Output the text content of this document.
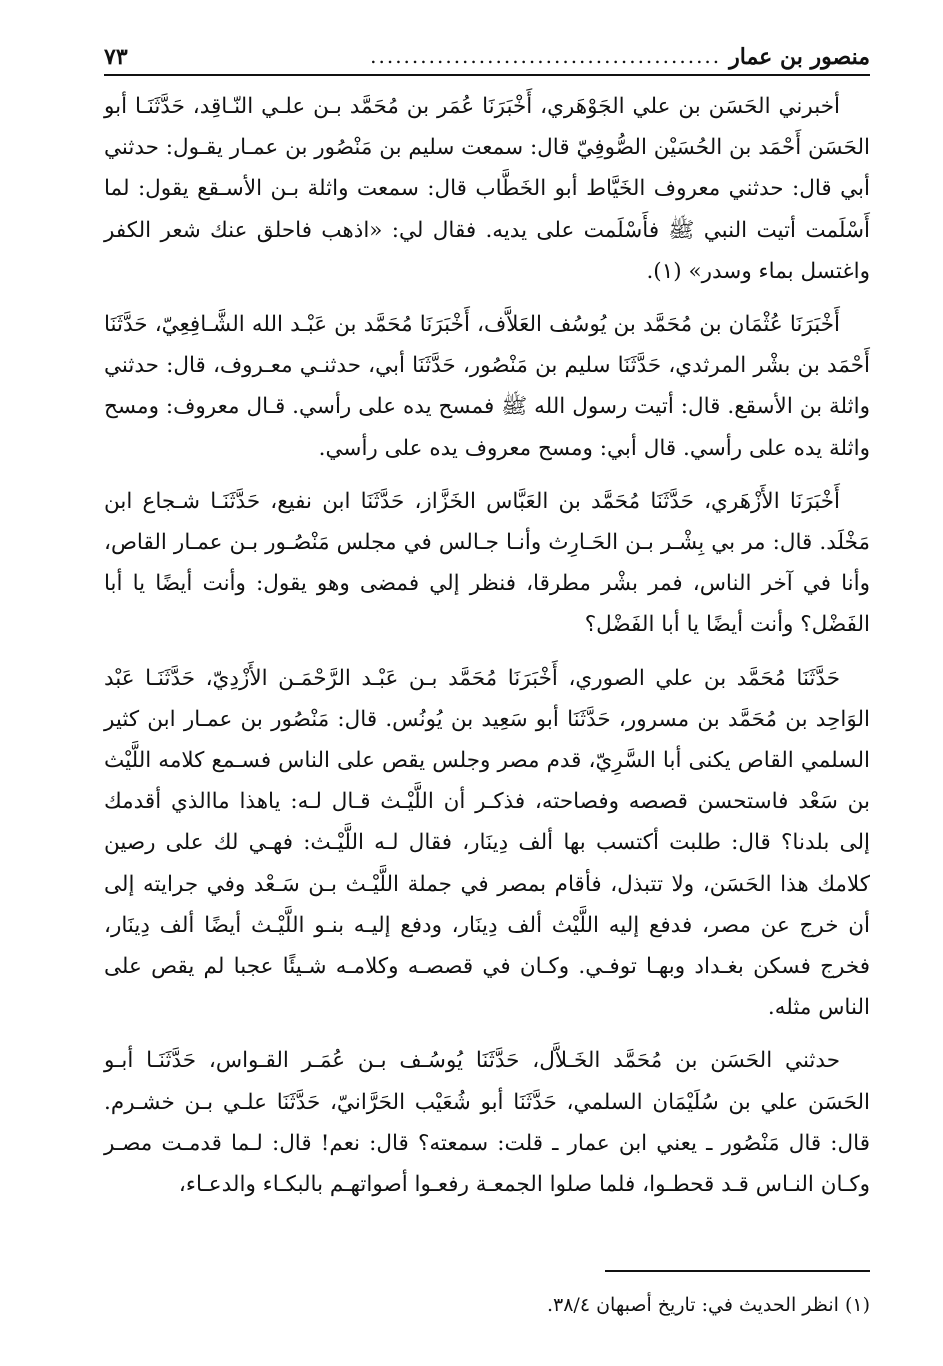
منصور بن عمار
..........................................
٧٣

أخبرني الحَسَن بن علي الجَوْهَري، أَخْبَرَنَا عُمَر بن مُحَمَّد بـن علـي النّـاقِد، حَدَّثَنَـا أبو الحَسَن أَحْمَد بن الحُسَيْن الصُّوفِيّ قال: سمعت سليم بن مَنْصُور بن عمـار يقـول: حدثني أبي قال: حدثني معروف الخَيَّاط أبو الخَطَّاب قال: سمعت واثلة بـن الأسـقع يقول: لما أَسْلَمت أتيت النبي ﷺ فأَسْلَمت على يديه. فقال لي: «اذهب فاحلق عنك شعر الكفر واغتسل بماء وسدر» (١).

أَخْبَرَنَا عُثْمَان بن مُحَمَّد بن يُوسُف العَلاَّف، أَخْبَرَنَا مُحَمَّد بن عَبْـد الله الشَّـافِعِيّ، حَدَّثَنَا أَحْمَد بن بشْر المرثدي، حَدَّثَنَا سليم بن مَنْصُور، حَدَّثَنَا أبي، حدثنـي معـروف، قال: حدثني واثلة بن الأسقع. قال: أتيت رسول الله ﷺ فمسح يده على رأسي. قـال معروف: ومسح واثلة يده على رأسي. قال أبي: ومسح معروف يده على رأسي.

أَخْبَرَنَا الأَزْهَري، حَدَّثَنَا مُحَمَّد بن العَبَّاس الخَزَّاز، حَدَّثَنَا ابن نفيع، حَدَّثَنَـا شـجاع ابن مَخْلَد. قال: مر بي بِشْـر بـن الحَـارِث وأنـا جـالس في مجلس مَنْصُـور بـن عمـار القاص، وأنا في آخر الناس، فمر بشْر مطرقا، فنظر إلي فمضى وهو يقول: وأنت أيضًا يا أبا الفَضْل؟ وأنت أيضًا يا أبا الفَضْل؟

حَدَّثَنَا مُحَمَّد بن علي الصوري، أَخْبَرَنَا مُحَمَّد بـن عَبْـد الرَّحْمَـن الأَزْدِيّ، حَدَّثَنَـا عَبْد الوَاحِد بن مُحَمَّد بن مسرور، حَدَّثَنَا أبو سَعِيد بن يُونُس. قال: مَنْصُور بن عمـار ابن كثير السلمي القاص يكنى أبا السَّرِيّ، قدم مصر وجلس يقص على الناس فسـمع كلامه اللَّيْث بن سَعْد فاستحسن قصصه وفصاحته، فذكـر أن اللَّيْـث قـال لـه: ياهذا ماالذي أقدمك إلى بلدنا؟ قال: طلبت أكتسب بها ألف دِينَار، فقال لـه اللَّيْـث: فهـي لك على رصين كلامك هذا الحَسَن، ولا تتبذل، فأقام بمصر في جملة اللَّيْـث بـن سَـعْد وفي جرايته إلى أن خرج عن مصر، فدفع إليه اللَّيْث ألف دِينَار، ودفع إليـه بنـو اللَّيْـث أيضًا ألف دِينَار، فخرج فسكن بغـداد وبهـا توفـي. وكـان في قصصـه وكلامـه شـيئًا عجبا لم يقص على الناس مثله.

حدثني الحَسَن بن مُحَمَّد الخَـلاَّل، حَدَّثَنَا يُوسُـف بـن عُمَـر القـواس، حَدَّثَنَـا أبـو الحَسَن علي بن سُلَيْمَان السلمي، حَدَّثَنَا أبو شُعَيْب الحَرَّانيّ، حَدَّثَنَا علـي بـن خشـرم. قال: قال مَنْصُور ـ يعني ابن عمار ـ قلت: سمعته؟ قال: نعم! قال: لـما قدمـت مصـر وكـان النـاس قـد قحطـوا، فلما صلوا الجمعـة رفعـوا أصواتهـم بالبكـاء والدعـاء،

(١) انظر الحديث في: تاريخ أصبهان ٣٨/٤.
